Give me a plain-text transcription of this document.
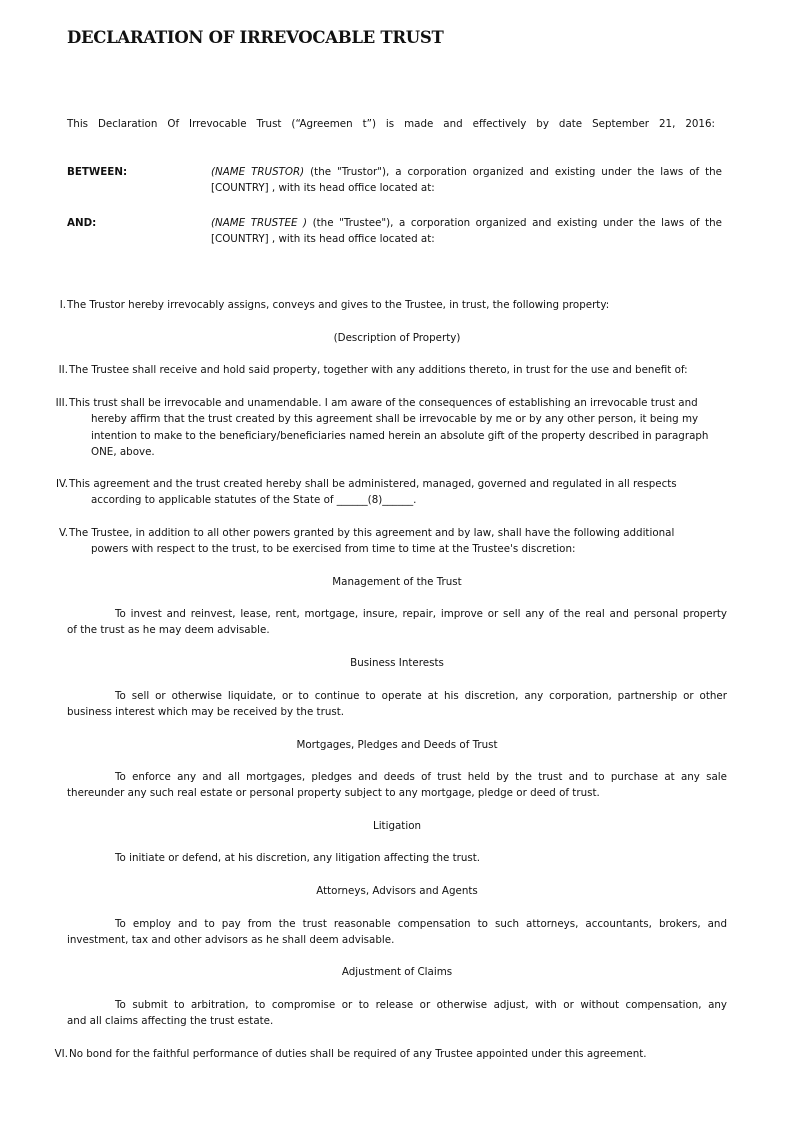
DECLARATION OF IRREVOCABLE TRUST
This Declaration Of Irrevocable Trust (“Agreemen t”) is made and effectively by date September 21, 2016:
BETWEEN:	(NAME TRUSTOR) (the "Trustor"), a corporation organized and existing under the laws of the
[COUNTRY] , with its head office located at:
AND:	(NAME TRUSTEE ) (the "Trustee"), a corporation organized and existing under the laws of the
[COUNTRY] , with its head office located at:
I. The Trustor hereby irrevocably assigns, conveys and gives to the Trustee, in trust, the following property:
(Description of Property)
II. The Trustee shall receive and hold said property, together with any additions thereto, in trust for the use and benefit of:
III. This trust shall be irrevocable and unamendable. I am aware of the consequences of establishing an irrevocable trust and
hereby affirm that the trust created by this agreement shall be irrevocable by me or by any other person, it being my intention to make to the beneficiary/beneficiaries named herein an absolute gift of the property described in paragraph ONE, above.
IV. This agreement and the trust created hereby shall be administered, managed, governed and regulated in all respects
according to applicable statutes of the State of ______(8)______.
V. The Trustee, in addition to all other powers granted by this agreement and by law, shall have the following additional
powers with respect to the trust, to be exercised from time to time at the Trustee's discretion:
Management of the Trust
To invest and reinvest, lease, rent, mortgage, insure, repair, improve or sell any of the real and personal property
of the trust as he may deem advisable.
Business Interests
To sell or otherwise liquidate, or to continue to operate at his discretion, any corporation, partnership or other
business interest which may be received by the trust.
Mortgages, Pledges and Deeds of Trust
To enforce any and all mortgages, pledges and deeds of trust held by the trust and to purchase at any sale
thereunder any such real estate or personal property subject to any mortgage, pledge or deed of trust.
Litigation
To initiate or defend, at his discretion, any litigation affecting the trust.
Attorneys, Advisors and Agents
To employ and to pay from the trust reasonable compensation to such attorneys, accountants, brokers, and
investment, tax and other advisors as he shall deem advisable.
Adjustment of Claims
To submit to arbitration, to compromise or to release or otherwise adjust, with or without compensation, any
and all claims affecting the trust estate.
VI. No bond for the faithful performance of duties shall be required of any Trustee appointed under this agreement.
